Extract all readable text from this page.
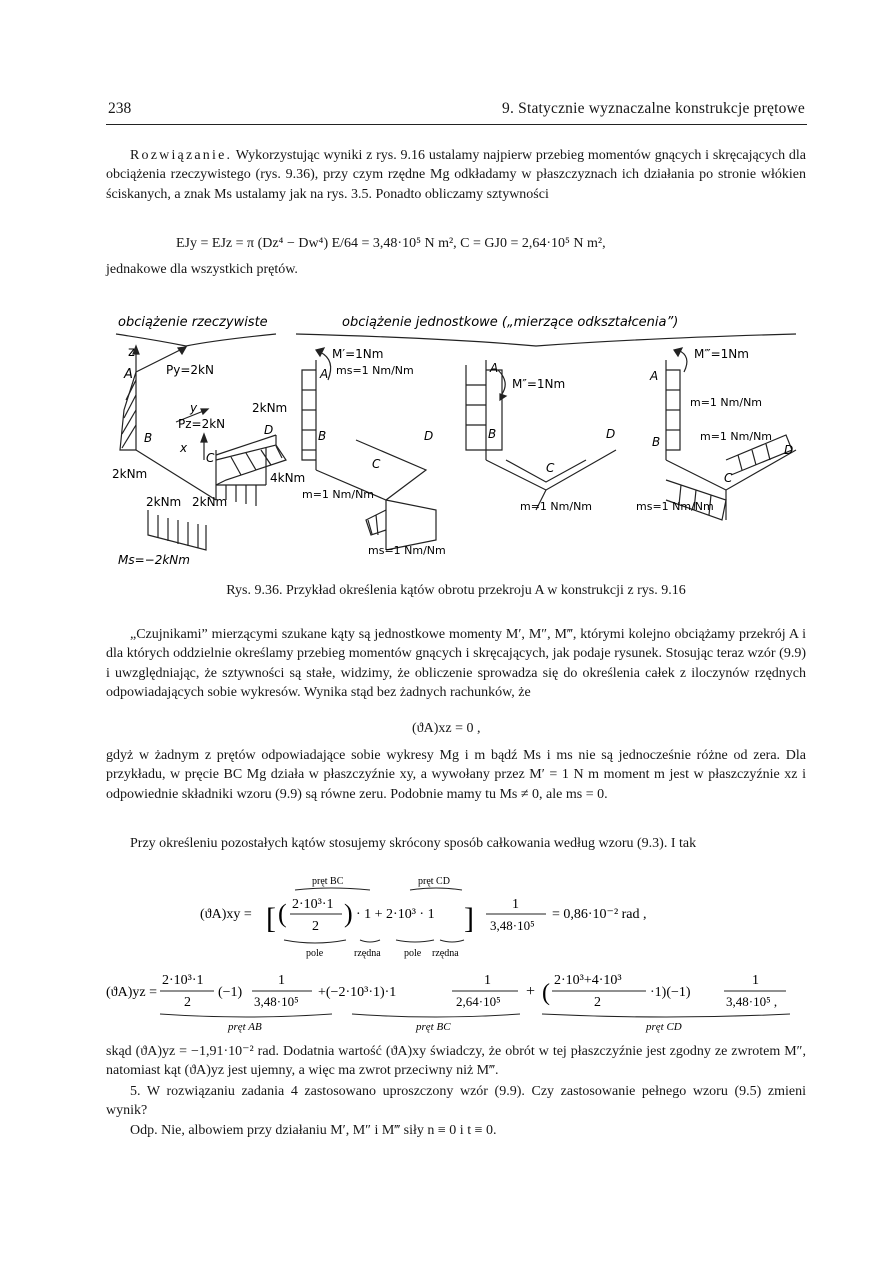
238	9. Statycznie wyznaczalne konstrukcje prętowe

Rozwiązanie. Wykorzystując wyniki z rys. 9.16 ustalamy najpierw przebieg momentów gnących i skręcających dla obciążenia rzeczywistego (rys. 9.36), przy czym rzędne Mg odkładamy w płaszczyznach ich działania po stronie włókien ściskanych, a znak Ms ustalamy jak na rys. 3.5. Ponadto obliczamy sztywności

EJy = EJz = π (Dz⁴ − Dw⁴) E/64 = 3,48·10⁵ N m², C = GJ0 = 2,64·10⁵ N m²,
jednakowe dla wszystkich prętów.
obciążenie rzeczywiste	obciążenie jednostkowe („mierzące odkształcenia”)
z
A	Py=2kN
y	2kNm
Pz=2kN	D
B
x
C
2kNm	4kNm
2kNm 2kNm
Ms=−2kNm
M′=1Nm
ms=1 Nm/Nm
A
B	D
C
m=1 Nm/Nm
ms=1 Nm/Nm
A
M″=1Nm
B	D
C
m=1 Nm/Nm
M‴=1Nm
A
m=1 Nm/Nm
m=1 Nm/Nm
B
D
C
ms=1 Nm/Nm
Rys. 9.36. Przykład określenia kątów obrotu przekroju A w konstrukcji z rys. 9.16

„Czujnikami” mierzącymi szukane kąty są jednostkowe momenty M′, M″, M‴, którymi kolejno obciążamy przekrój A i dla których oddzielnie określamy przebieg momentów gnących i skręcających, jak podaje rysunek. Stosując teraz wzór (9.9) i uwzględniając, że sztywności są stałe, widzimy, że obliczenie sprowadza się do określenia całek z iloczynów rzędnych odpowiadających sobie wykresów. Wynika stąd bez żadnych rachunków, że

(ϑA)xz = 0 ,

gdyż w żadnym z prętów odpowiadające sobie wykresy Mg i m bądź Ms i ms nie są jednocześnie różne od zera. Dla przykładu, w pręcie BC Mg działa w płaszczyźnie xy, a wywołany przez M′ = 1 N m moment m jest w płaszczyźnie xz i odpowiednie składniki wzoru (9.9) są równe zeru. Podobnie mamy tu Ms ≠ 0, ale ms = 0.

Przy określeniu pozostałych kątów stosujemy skrócony sposób całkowania według wzoru (9.3). I tak

pręt BC	pręt CD
(ϑA)xy = [ ( 2·10³·1
2 ) · 1 + 2·10³ · 1 ]	1
3,48·10⁵
= 0,86·10⁻² rad ,
pole	rzędna pole rzędna
(ϑA)yz =
2·10³·1
2
(−1)
1
3,48·10⁵
+(−2·10³·1)·1
1
2,64·10⁵
+ ( 2·10³+4·10³
2
·1)(−1)
1
3,48·10⁵ ,
pręt AB	pręt BC	pręt CD

skąd (ϑA)yz = −1,91·10⁻² rad. Dodatnia wartość (ϑA)xy świadczy, że obrót w tej płaszczyźnie jest zgodny ze zwrotem M″, natomiast kąt (ϑA)yz jest ujemny, a więc ma zwrot przeciwny niż M‴.

5. W rozwiązaniu zadania 4 zastosowano uproszczony wzór (9.9). Czy zastosowanie pełnego wzoru (9.5) zmieni wynik?

Odp. Nie, albowiem przy działaniu M′, M″ i M‴ siły n ≡ 0 i t ≡ 0.
